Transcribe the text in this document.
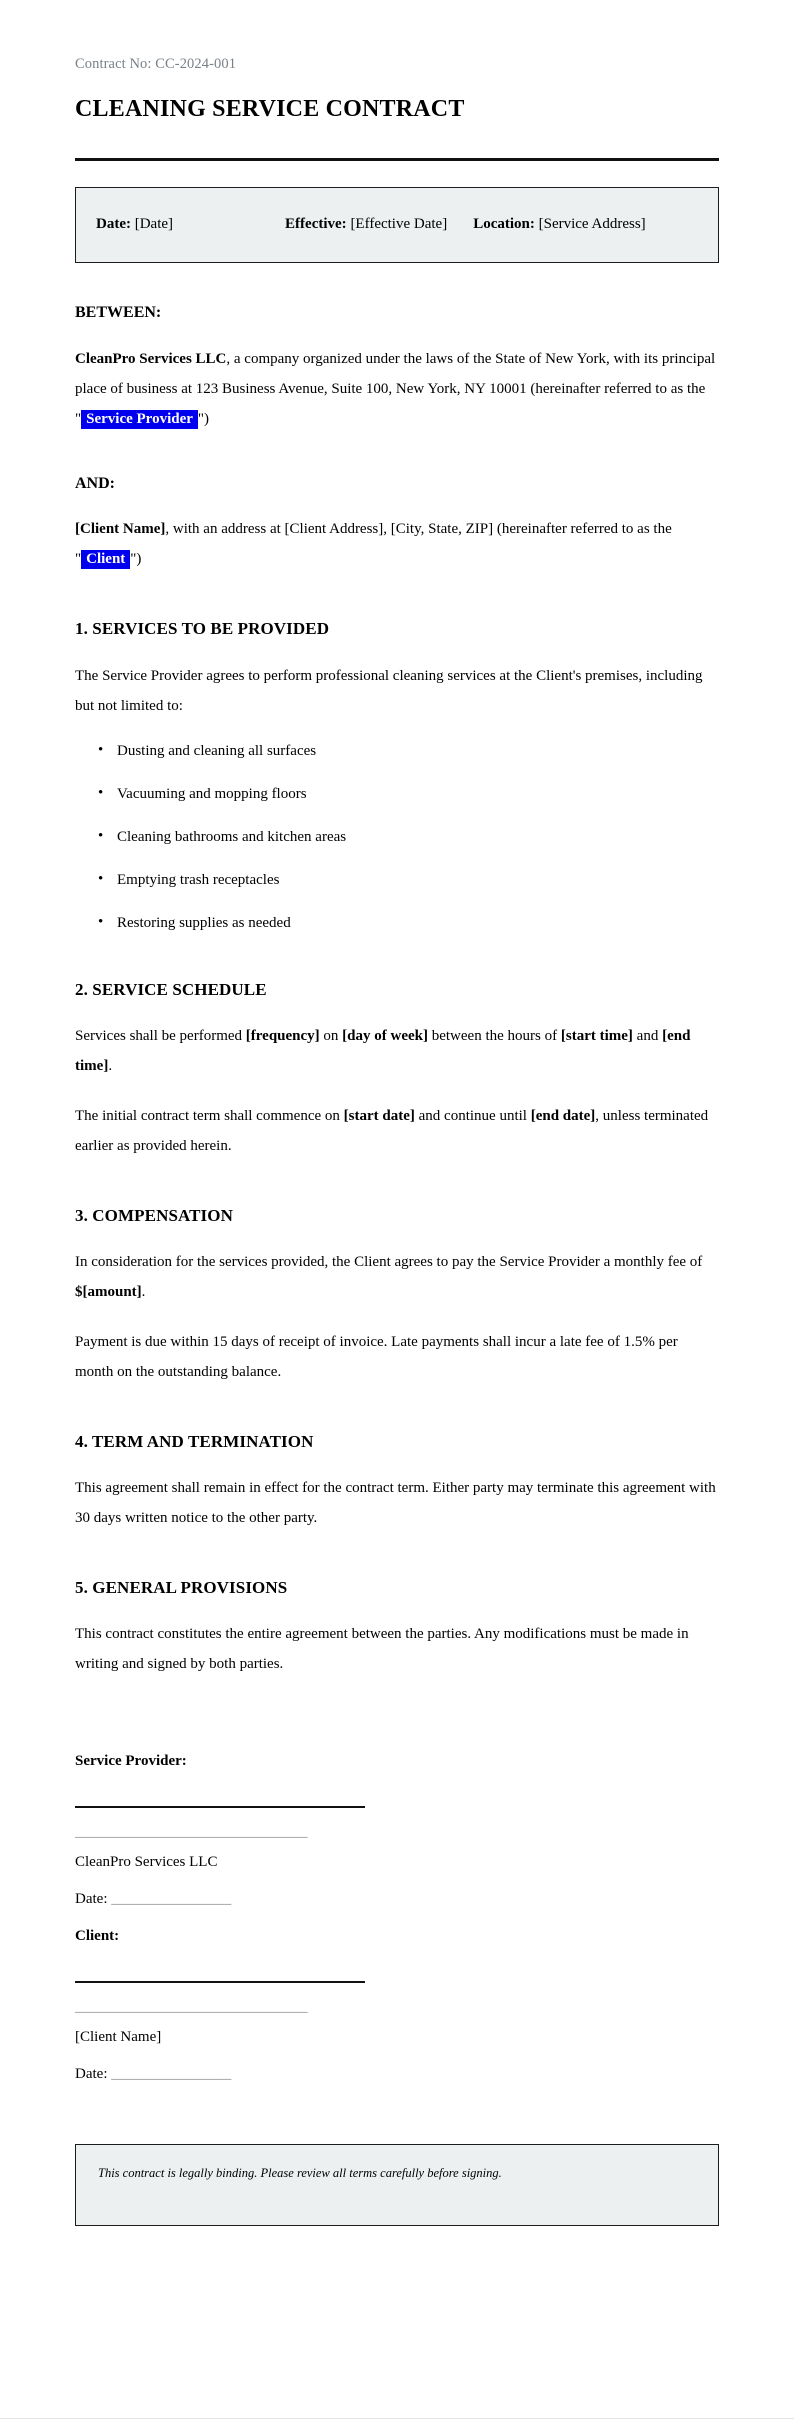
Contract No: CC-2024-001

CLEANING SERVICE CONTRACT
Date: [Date]	Effective: [Effective Date] Location: [Service Address]
BETWEEN:

CleanPro Services LLC, a company organized under the laws of the State of New York, with its principal place of business at 123 Business Avenue, Suite 100, New York, NY 10001 (hereinafter referred to as the " Service Provider ")

AND:

[Client Name], with an address at [Client Address], [City, State, ZIP] (hereinafter referred to as the " Client ")

1. SERVICES TO BE PROVIDED

The Service Provider agrees to perform professional cleaning services at the Client's premises, including but not limited to:

• Dusting and cleaning all surfaces
• Vacuuming and mopping floors
• Cleaning bathrooms and kitchen areas
• Emptying trash receptacles
• Restoring supplies as needed
2. SERVICE SCHEDULE

Services shall be performed [frequency] on [day of week] between the hours of [start time] and [end time].

The initial contract term shall commence on [start date] and continue until [end date], unless terminated earlier as provided herein.

3. COMPENSATION

In consideration for the services provided, the Client agrees to pay the Service Provider a monthly fee of $[amount].

Payment is due within 15 days of receipt of invoice. Late payments shall incur a late fee of 1.5% per month on the outstanding balance.

4. TERM AND TERMINATION

This agreement shall remain in effect for the contract term. Either party may terminate this agreement with 30 days written notice to the other party.

5. GENERAL PROVISIONS

This contract constitutes the entire agreement between the parties. Any modifications must be made in writing and signed by both parties.

Service Provider:

_______________________________

CleanPro Services LLC

Date: ________________

Client:

_______________________________

[Client Name]

Date: ________________

This contract is legally binding. Please review all terms carefully before signing.
